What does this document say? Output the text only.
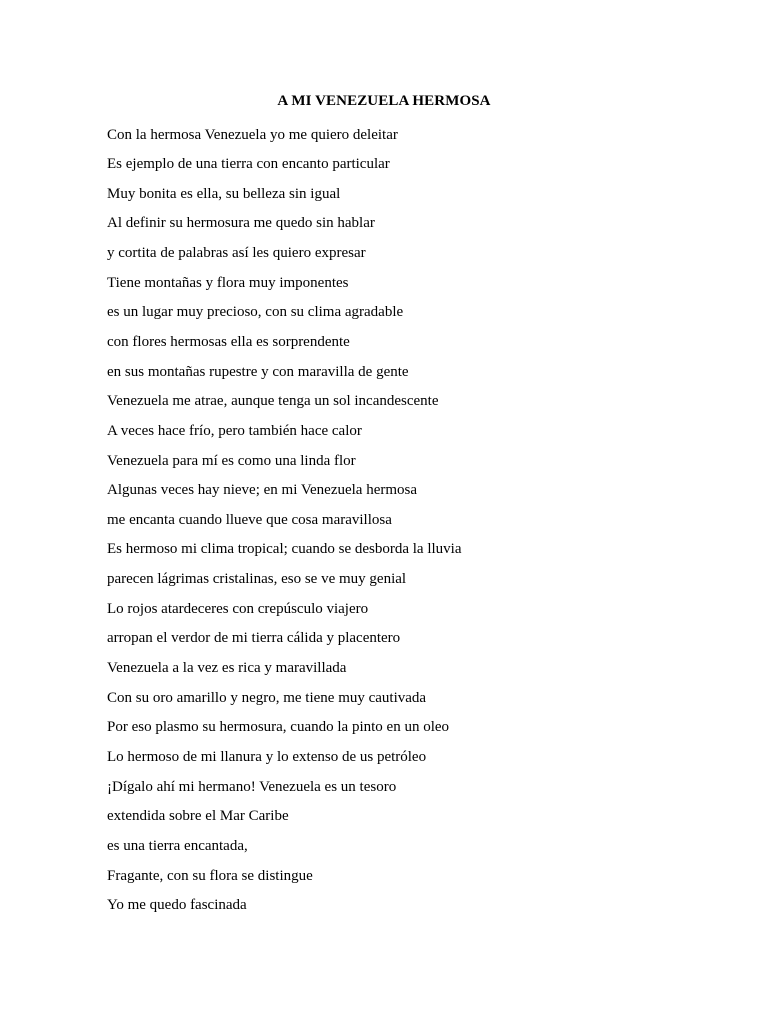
A MI VENEZUELA HERMOSA
Con la hermosa Venezuela yo me quiero deleitar
Es ejemplo de una tierra con encanto particular
Muy bonita es ella, su belleza sin igual
Al definir su hermosura me quedo sin hablar
y cortita de palabras así les quiero expresar
Tiene montañas y flora muy imponentes
es un lugar muy precioso, con su clima agradable
con flores hermosas ella es sorprendente
en sus montañas rupestre y con maravilla de gente
Venezuela me atrae, aunque tenga un sol incandescente
A veces hace frío, pero también hace calor
Venezuela para mí es como una linda flor
Algunas veces hay nieve; en mi Venezuela hermosa
me encanta cuando llueve que cosa maravillosa
Es hermoso mi clima tropical; cuando se desborda la lluvia
parecen lágrimas cristalinas, eso se ve muy genial
Lo rojos atardeceres con crepúsculo viajero
arropan el verdor de mi tierra cálida y placentero
Venezuela a la vez es rica y maravillada
Con su oro amarillo y negro, me tiene muy cautivada
Por eso plasmo su hermosura, cuando la pinto en un oleo
Lo hermoso de mi llanura y lo extenso de us petróleo
¡Dígalo ahí mi hermano! Venezuela es un tesoro
extendida sobre el Mar Caribe
es una tierra encantada,
Fragante, con su flora se distingue
Yo me quedo fascinada
